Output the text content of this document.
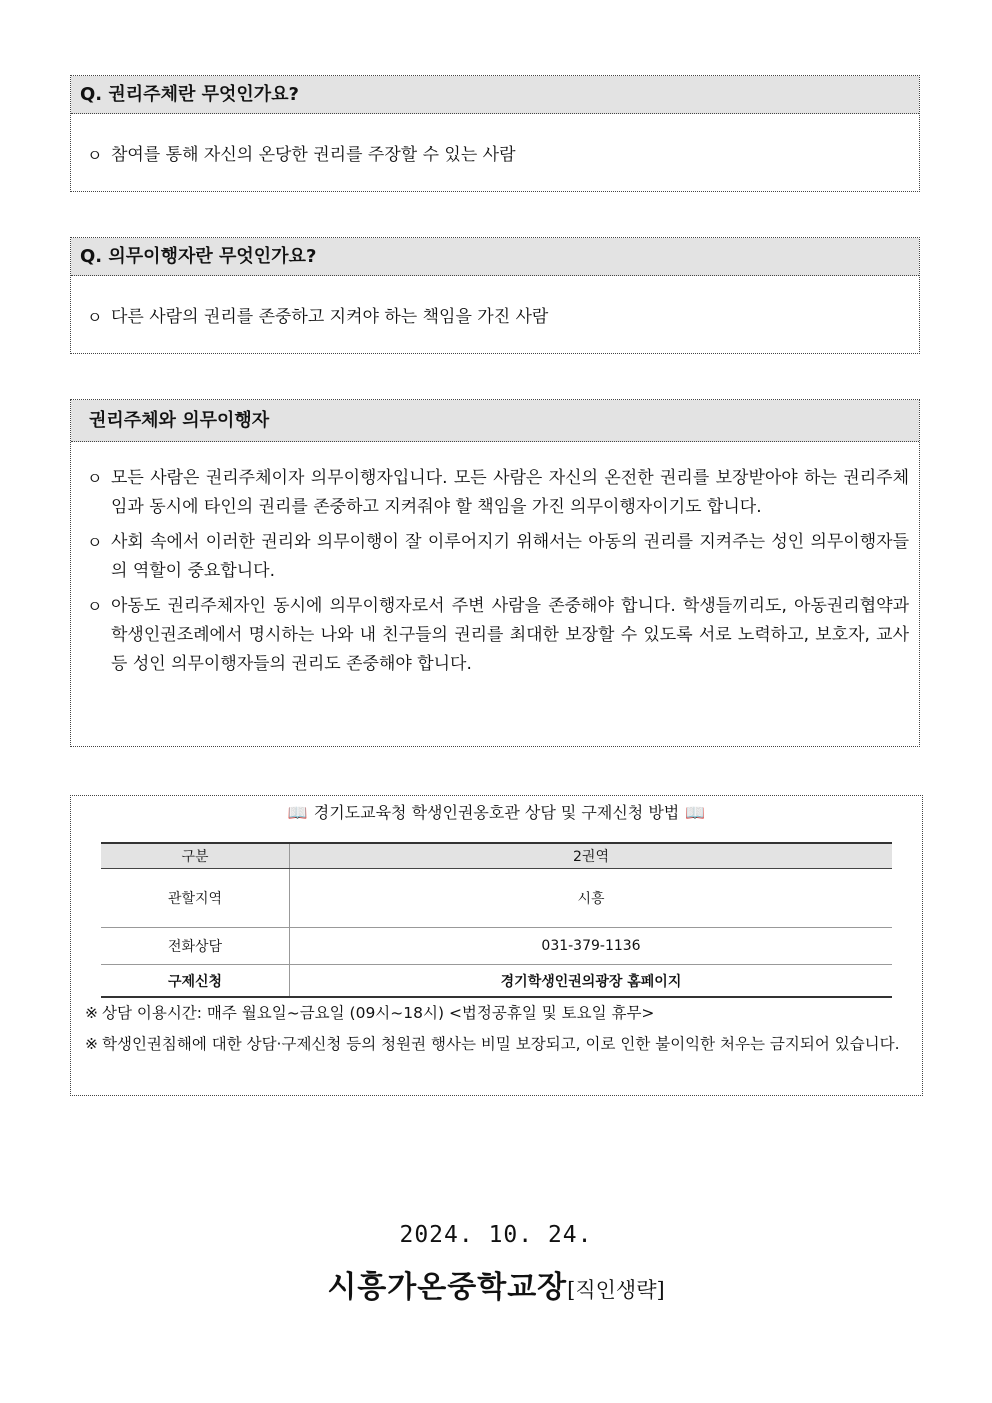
Q. 권리주체란 무엇인가요?
ㅇ 참여를 통해 자신의 온당한 권리를 주장할 수 있는 사람
Q. 의무이행자란 무엇인가요?
ㅇ 다른 사람의 권리를 존중하고 지켜야 하는 책임을 가진 사람
권리주체와 의무이행자
ㅇ 모든 사람은 권리주체이자 의무이행자입니다. 모든 사람은 자신의 온전한 권리를 보장받아야 하는 권리주체임과 동시에 타인의 권리를 존중하고 지켜줘야 할 책임을 가진 의무이행자이기도 합니다.
ㅇ 사회 속에서 이러한 권리와 의무이행이 잘 이루어지기 위해서는 아동의 권리를 지켜주는 성인 의무이행자들의 역할이 중요합니다.
ㅇ 아동도 권리주체자인 동시에 의무이행자로서 주변 사람을 존중해야 합니다. 학생들끼리도, 아동권리협약과 학생인권조례에서 명시하는 나와 내 친구들의 권리를 최대한 보장할 수 있도록 서로 노력하고, 보호자, 교사 등 성인 의무이행자들의 권리도 존중해야 합니다.
📖 경기도교육청 학생인권옹호관 상담 및 구제신청 방법 📖
구분	2권역
관할지역	시흥
전화상담	031-379-1136
구제신청	경기학생인권의광장 홈페이지
※ 상담 이용시간: 매주 월요일~금요일 (09시~18시) <법정공휴일 및 토요일 휴무>
※ 학생인권침해에 대한 상담·구제신청 등의 청원권 행사는 비밀 보장되고, 이로 인한 불이익한 처우는 금지되어 있습니다.
2024. 10. 24.
시흥가온중학교장[직인생략]
